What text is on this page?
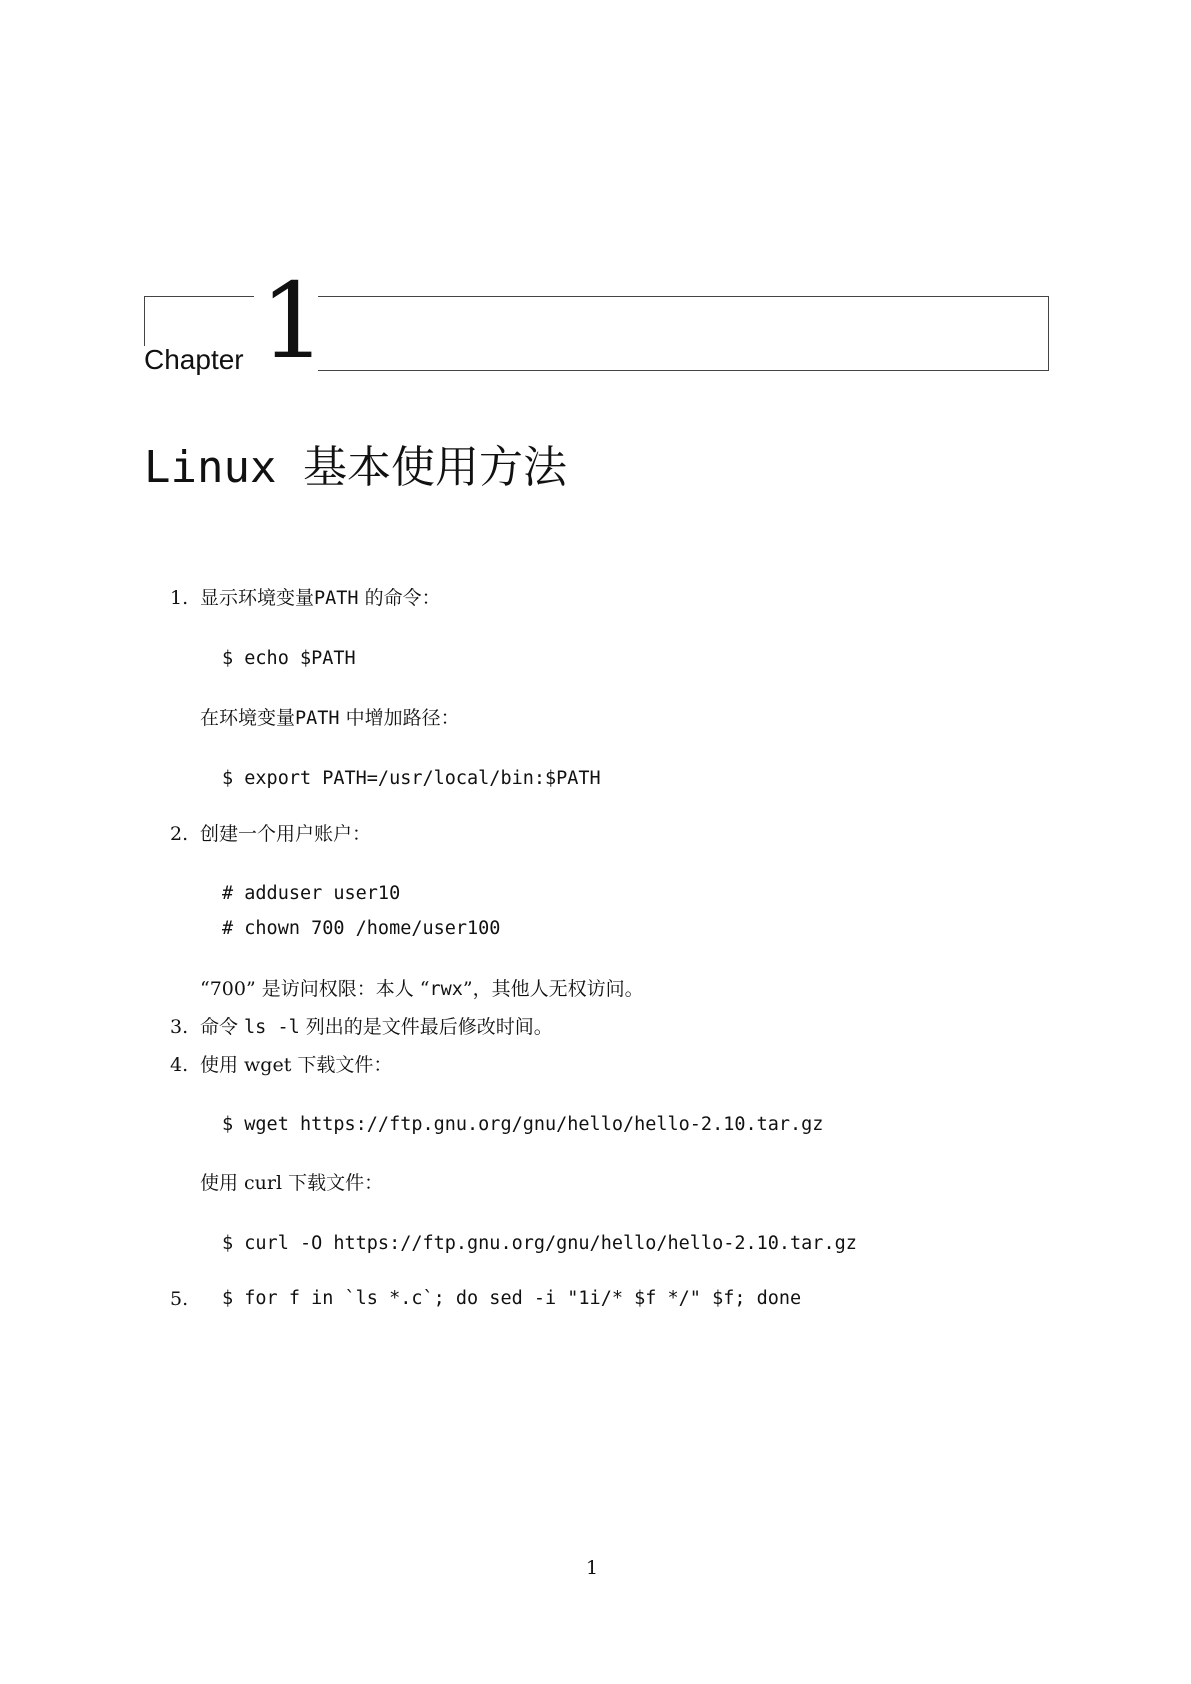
Chapter 1
Linux 基本使用方法
1. 显示环境变量PATH 的命令：
$ echo $PATH
在环境变量PATH 中增加路径：
$ export PATH=/usr/local/bin:$PATH
2. 创建一个用户账户：
# adduser user10
# chown 700 /home/user100
“700” 是访问权限：本人 “rwx”，其他人无权访问。
3. 命令 ls -l 列出的是文件最后修改时间。
4. 使用 wget 下载文件：
$ wget https://ftp.gnu.org/gnu/hello/hello-2.10.tar.gz
使用 curl 下载文件：
$ curl -O https://ftp.gnu.org/gnu/hello/hello-2.10.tar.gz
5. $ for f in `ls *.c`; do sed -i "1i/* $f */" $f; done
1
